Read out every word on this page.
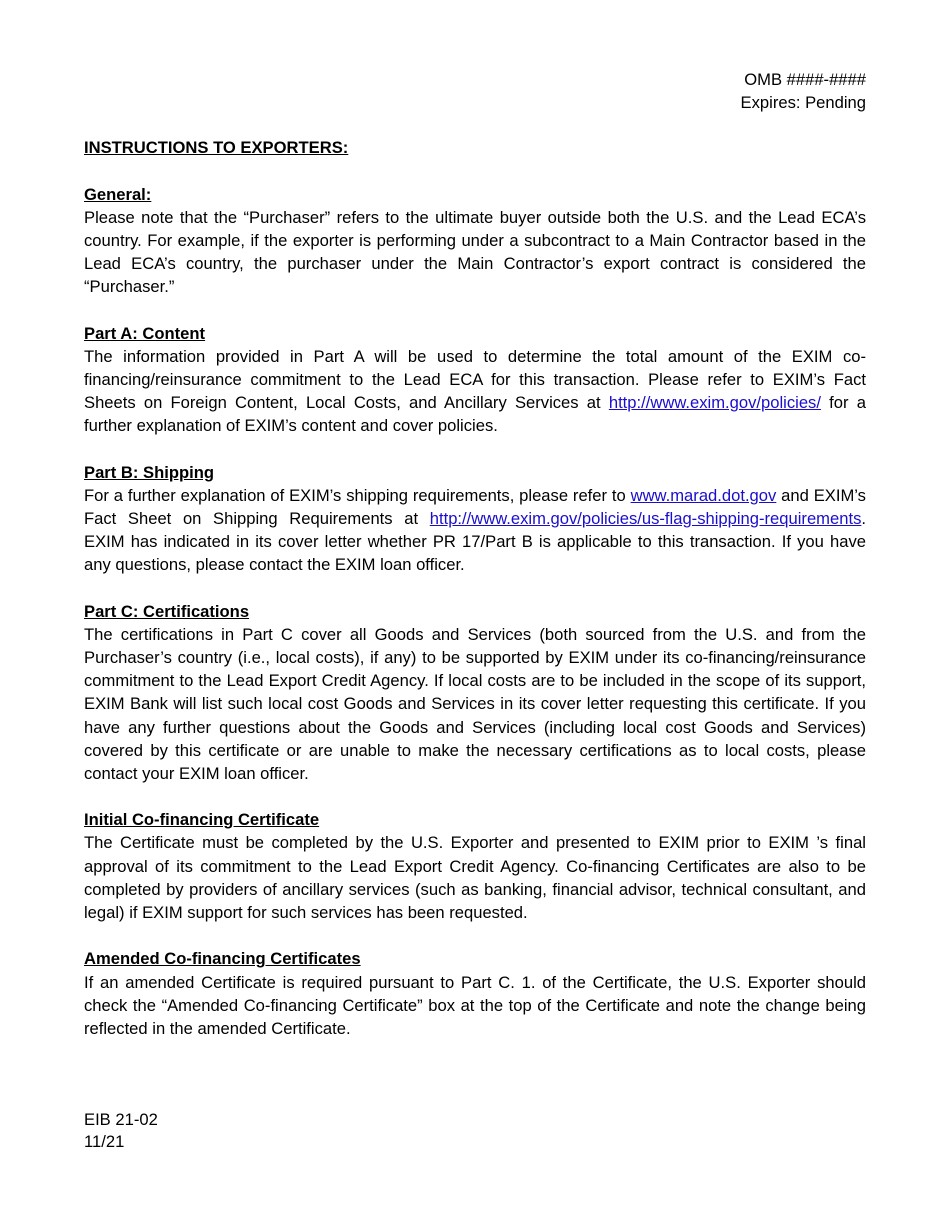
OMB ####-####
Expires: Pending
INSTRUCTIONS TO EXPORTERS:
General:
Please note that the “Purchaser” refers to the ultimate buyer outside both the U.S. and the Lead ECA’s country. For example, if the exporter is performing under a subcontract to a Main Contractor based in the Lead ECA’s country, the purchaser under the Main Contractor’s export contract is considered the “Purchaser.”
Part A: Content
The information provided in Part A will be used to determine the total amount of the EXIM co-financing/reinsurance commitment to the Lead ECA for this transaction. Please refer to EXIM’s Fact Sheets on Foreign Content, Local Costs, and Ancillary Services at http://www.exim.gov/policies/ for a further explanation of EXIM’s content and cover policies.
Part B: Shipping
For a further explanation of EXIM’s shipping requirements, please refer to www.marad.dot.gov and EXIM’s Fact Sheet on Shipping Requirements at http://www.exim.gov/policies/us-flag-shipping-requirements. EXIM has indicated in its cover letter whether PR 17/Part B is applicable to this transaction. If you have any questions, please contact the EXIM loan officer.
Part C: Certifications
The certifications in Part C cover all Goods and Services (both sourced from the U.S. and from the Purchaser’s country (i.e., local costs), if any) to be supported by EXIM under its co-financing/reinsurance commitment to the Lead Export Credit Agency. If local costs are to be included in the scope of its support, EXIM Bank will list such local cost Goods and Services in its cover letter requesting this certificate. If you have any further questions about the Goods and Services (including local cost Goods and Services) covered by this certificate or are unable to make the necessary certifications as to local costs, please contact your EXIM loan officer.
Initial Co-financing Certificate
The Certificate must be completed by the U.S. Exporter and presented to EXIM prior to EXIM ’s final approval of its commitment to the Lead Export Credit Agency. Co-financing Certificates are also to be completed by providers of ancillary services (such as banking, financial advisor, technical consultant, and legal) if EXIM support for such services has been requested.
Amended Co-financing Certificates
If an amended Certificate is required pursuant to Part C. 1. of the Certificate, the U.S. Exporter should check the “Amended Co-financing Certificate” box at the top of the Certificate and note the change being reflected in the amended Certificate.
EIB 21-02
11/21
